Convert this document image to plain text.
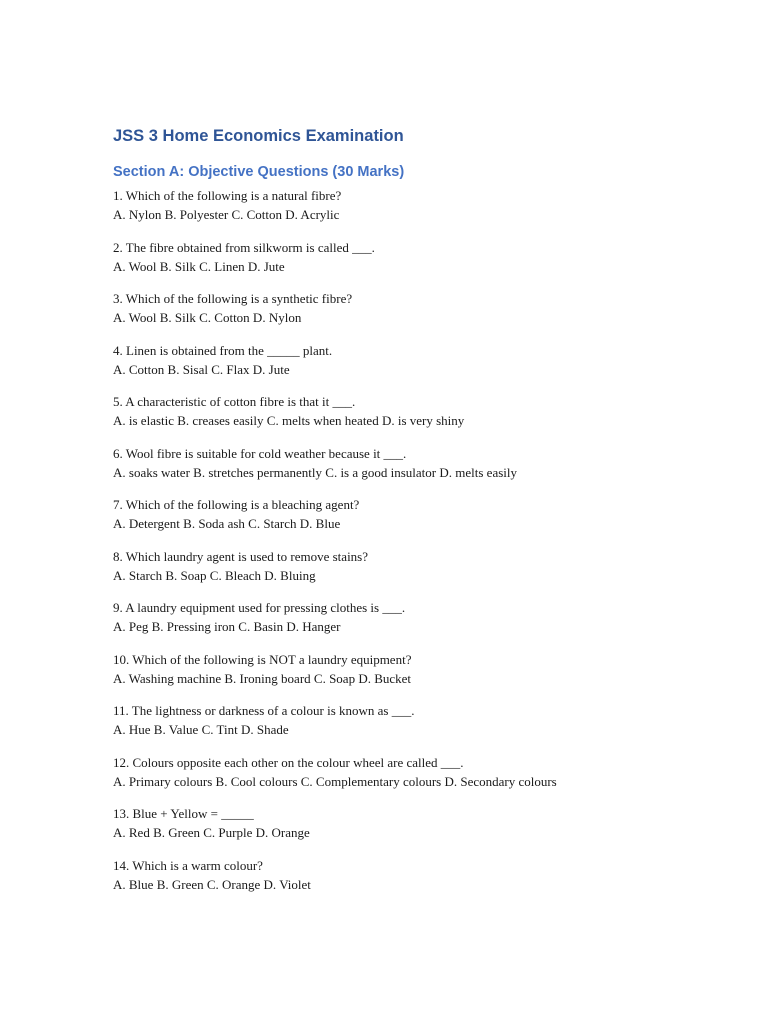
JSS 3 Home Economics Examination
Section A: Objective Questions (30 Marks)
1. Which of the following is a natural fibre?
A. Nylon B. Polyester C. Cotton D. Acrylic
2. The fibre obtained from silkworm is called ___.
A. Wool B. Silk C. Linen D. Jute
3. Which of the following is a synthetic fibre?
A. Wool B. Silk C. Cotton D. Nylon
4. Linen is obtained from the _____ plant.
A. Cotton B. Sisal C. Flax D. Jute
5. A characteristic of cotton fibre is that it ___.
A. is elastic B. creases easily C. melts when heated D. is very shiny
6. Wool fibre is suitable for cold weather because it ___.
A. soaks water B. stretches permanently C. is a good insulator D. melts easily
7. Which of the following is a bleaching agent?
A. Detergent B. Soda ash C. Starch D. Blue
8. Which laundry agent is used to remove stains?
A. Starch B. Soap C. Bleach D. Bluing
9. A laundry equipment used for pressing clothes is ___.
A. Peg B. Pressing iron C. Basin D. Hanger
10. Which of the following is NOT a laundry equipment?
A. Washing machine B. Ironing board C. Soap D. Bucket
11. The lightness or darkness of a colour is known as ___.
A. Hue B. Value C. Tint D. Shade
12. Colours opposite each other on the colour wheel are called ___.
A. Primary colours B. Cool colours C. Complementary colours D. Secondary colours
13. Blue + Yellow = _____
A. Red B. Green C. Purple D. Orange
14. Which is a warm colour?
A. Blue B. Green C. Orange D. Violet
